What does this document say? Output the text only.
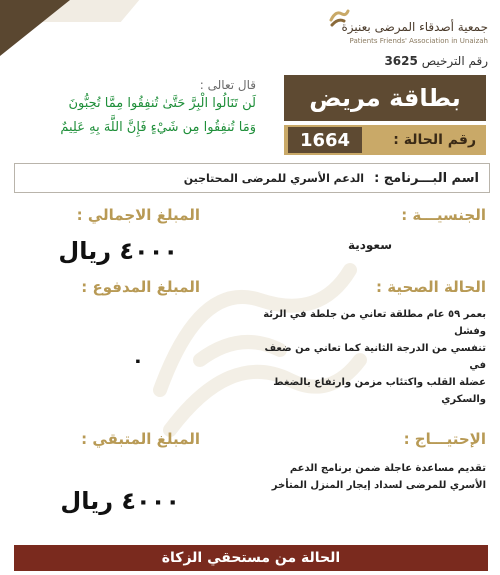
جمعية أصدقاء المرضى بعنيزة
Patients Friends' Association in Unaizah
رقم الترخيص 3625
قال تعالى :
لَن تَنَالُوا الْبِرَّ حَتَّىٰ تُنفِقُوا مِمَّا تُحِبُّونَ
وَمَا تُنفِقُوا مِن شَيْءٍ فَإِنَّ اللَّهَ بِهِ عَلِيمٌ
بطاقة مريض
رقم الحالة :
1664
اسم البـــرنامج :
الدعم الأسري للمرضى المحتاجين
الجنسيـــة :
سعودية
الحالة الصحية :
بعمر ٥٩ عام مطلقة تعاني من جلطة في الرئة وفشل
تنفسي من الدرجة الثانية كما تعاني من ضعف في
عضلة القلب واكتئاب مزمن وارتفاع بالضغط والسكري
الإحتيـــاج :
تقديم مساعدة عاجلة ضمن برنامج الدعم
الأسري للمرضى لسداد إيجار المنزل المتأخر
المبلغ الاجمالي :
٤٠٠٠ ريال
المبلغ المدفوع :
٠
المبلغ المتبقي :
٤٠٠٠ ريال
الحالة من مستحقي الزكاة
